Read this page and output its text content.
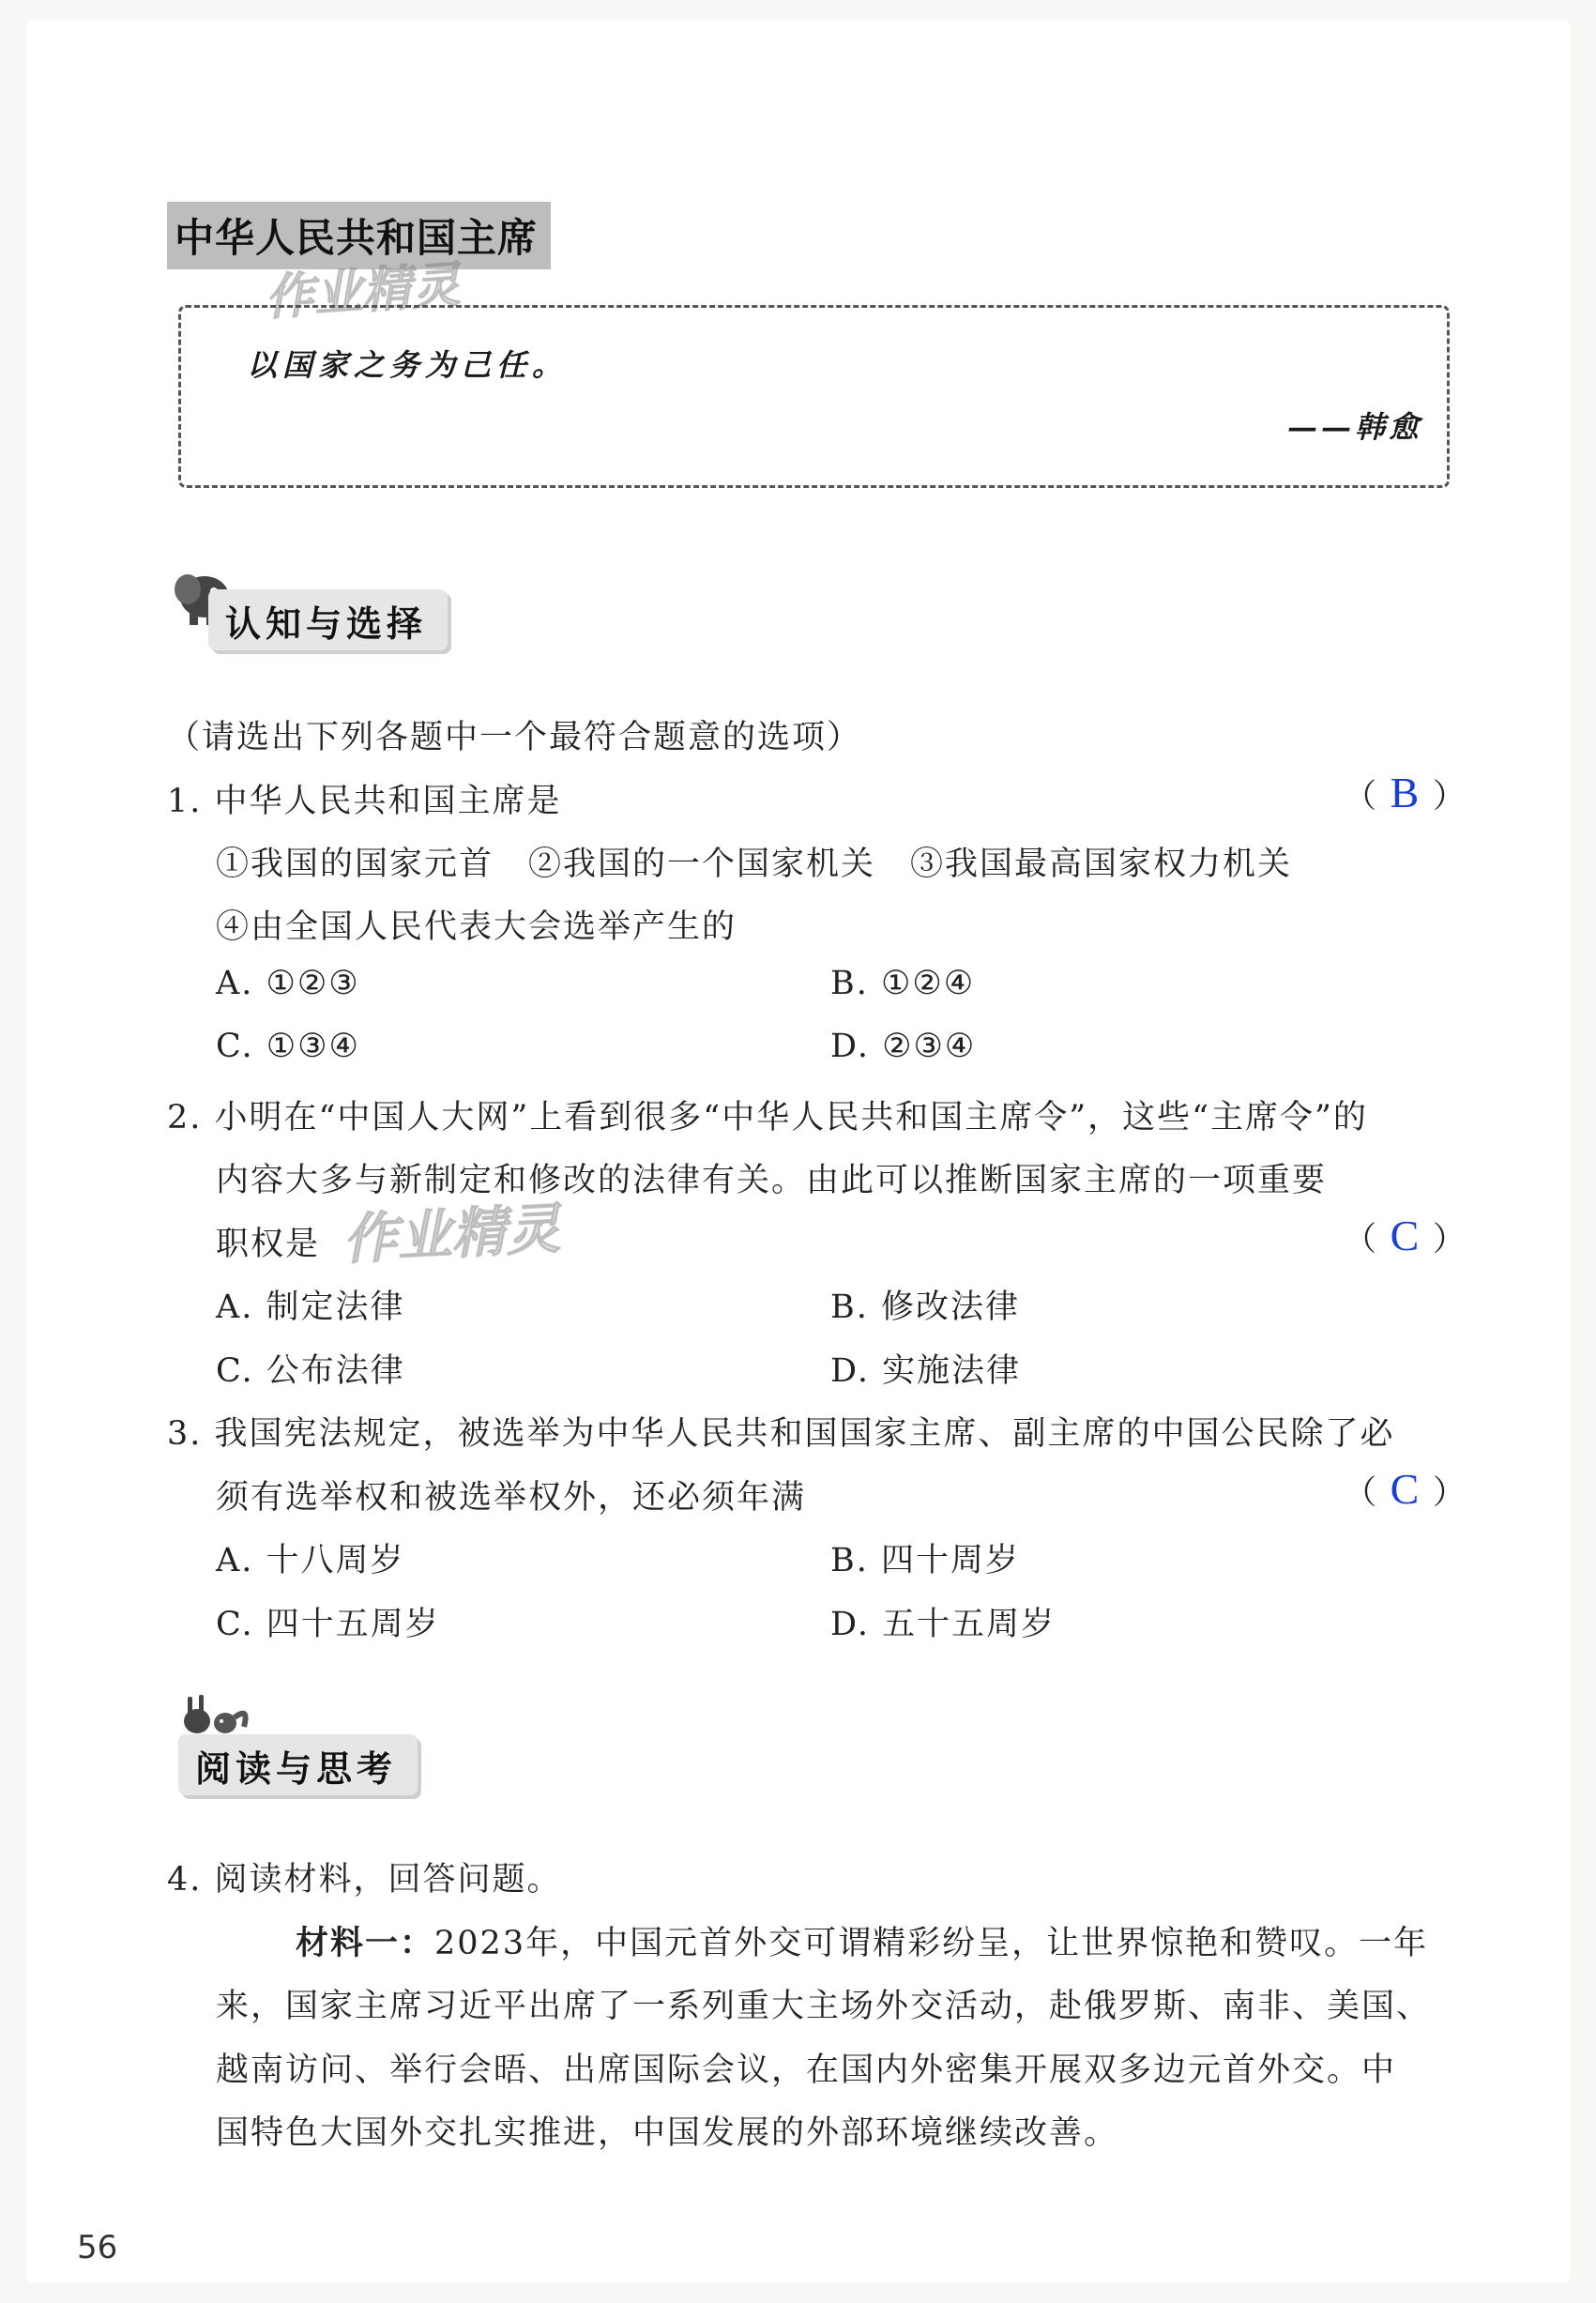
中华人民共和国主席
作业精灵
以国家之务为己任。
——韩愈
认知与选择
（请选出下列各题中一个最符合题意的选项）
1. 中华人民共和国主席是	（ B ）
①我国的国家元首　②我国的一个国家机关　③我国最高国家权力机关
④由全国人民代表大会选举产生的
A. ①②③	B. ①②④
C. ①③④	D. ②③④
2. 小明在“中国人大网”上看到很多“中华人民共和国主席令”，这些“主席令”的
内容大多与新制定和修改的法律有关。由此可以推断国家主席的一项重要
职权是 作业精灵	（ C ）
A. 制定法律	B. 修改法律
C. 公布法律	D. 实施法律
3. 我国宪法规定，被选举为中华人民共和国国家主席、副主席的中国公民除了必
须有选举权和被选举权外，还必须年满	（ C ）
A. 十八周岁	B. 四十周岁
C. 四十五周岁	D. 五十五周岁
阅读与思考
4. 阅读材料，回答问题。
材料一：2023年，中国元首外交可谓精彩纷呈，让世界惊艳和赞叹。一年
来，国家主席习近平出席了一系列重大主场外交活动，赴俄罗斯、南非、美国、
越南访问、举行会晤、出席国际会议，在国内外密集开展双多边元首外交。中
国特色大国外交扎实推进，中国发展的外部环境继续改善。
56
